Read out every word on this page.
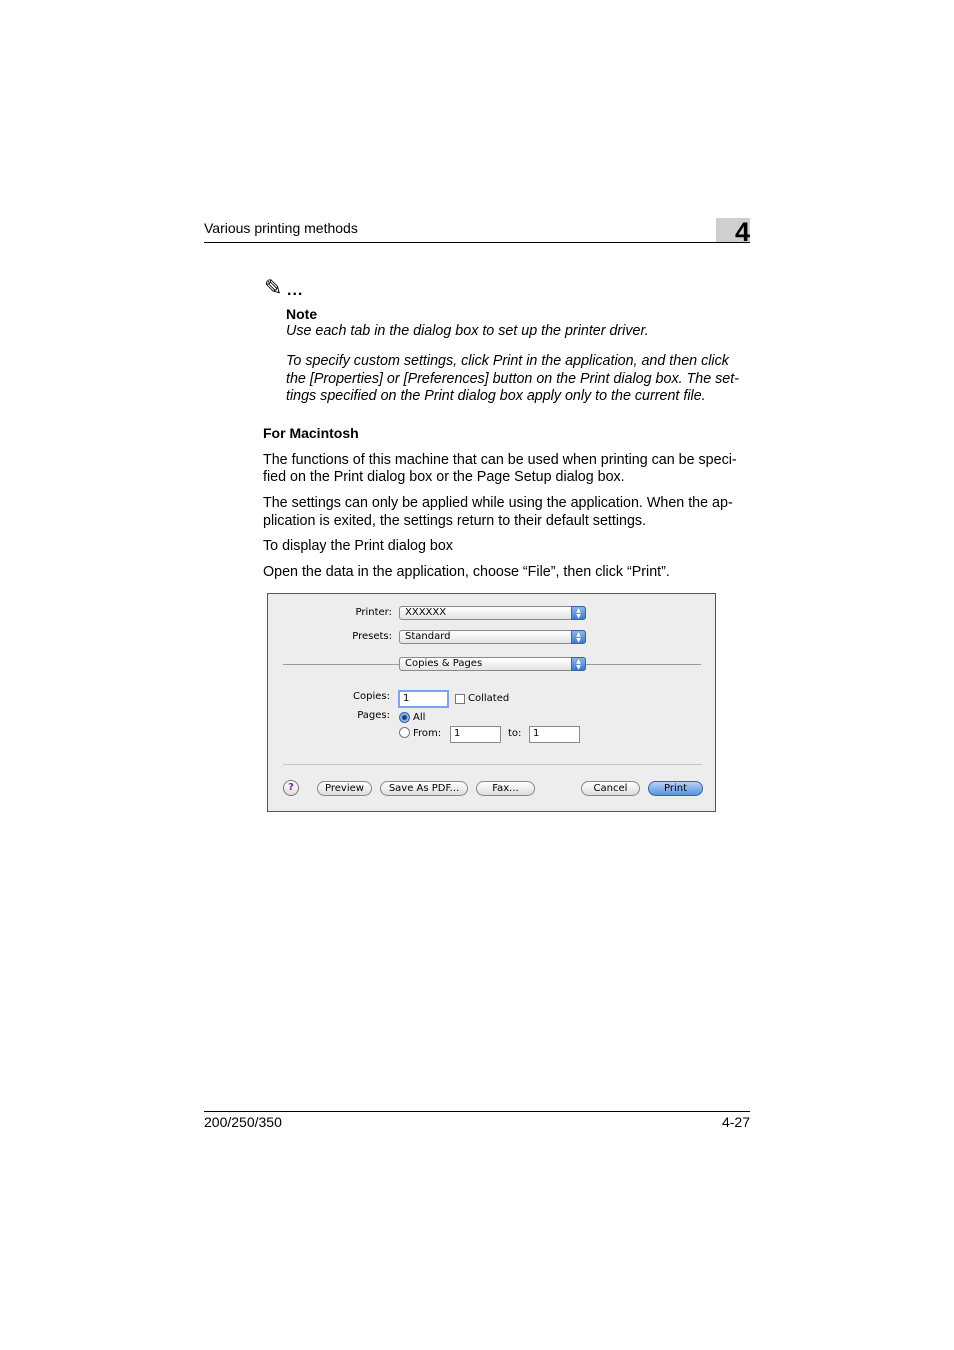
Various printing methods	4
✎ ...
Note
Use each tab in the dialog box to set up the printer driver.
To specify custom settings, click Print in the application, and then click
the [Properties] or [Preferences] button on the Print dialog box. The set-
tings specified on the Print dialog box apply only to the current file.
For Macintosh
The functions of this machine that can be used when printing can be speci-
fied on the Print dialog box or the Page Setup dialog box.
The settings can only be applied while using the application. When the ap-
plication is exited, the settings return to their default settings.
To display the Print dialog box
Open the data in the application, choose “File”, then click “Print”.
Printer:	XXXXXX	▲
▼
Presets:	Standard	▲
▼
Copies & Pages	▲
▼
Copies:	1	Collated
Pages: All
From:	1	to:	1
?	Preview	Save As PDF...	Fax...	Cancel	Print
200/250/350	4-27
